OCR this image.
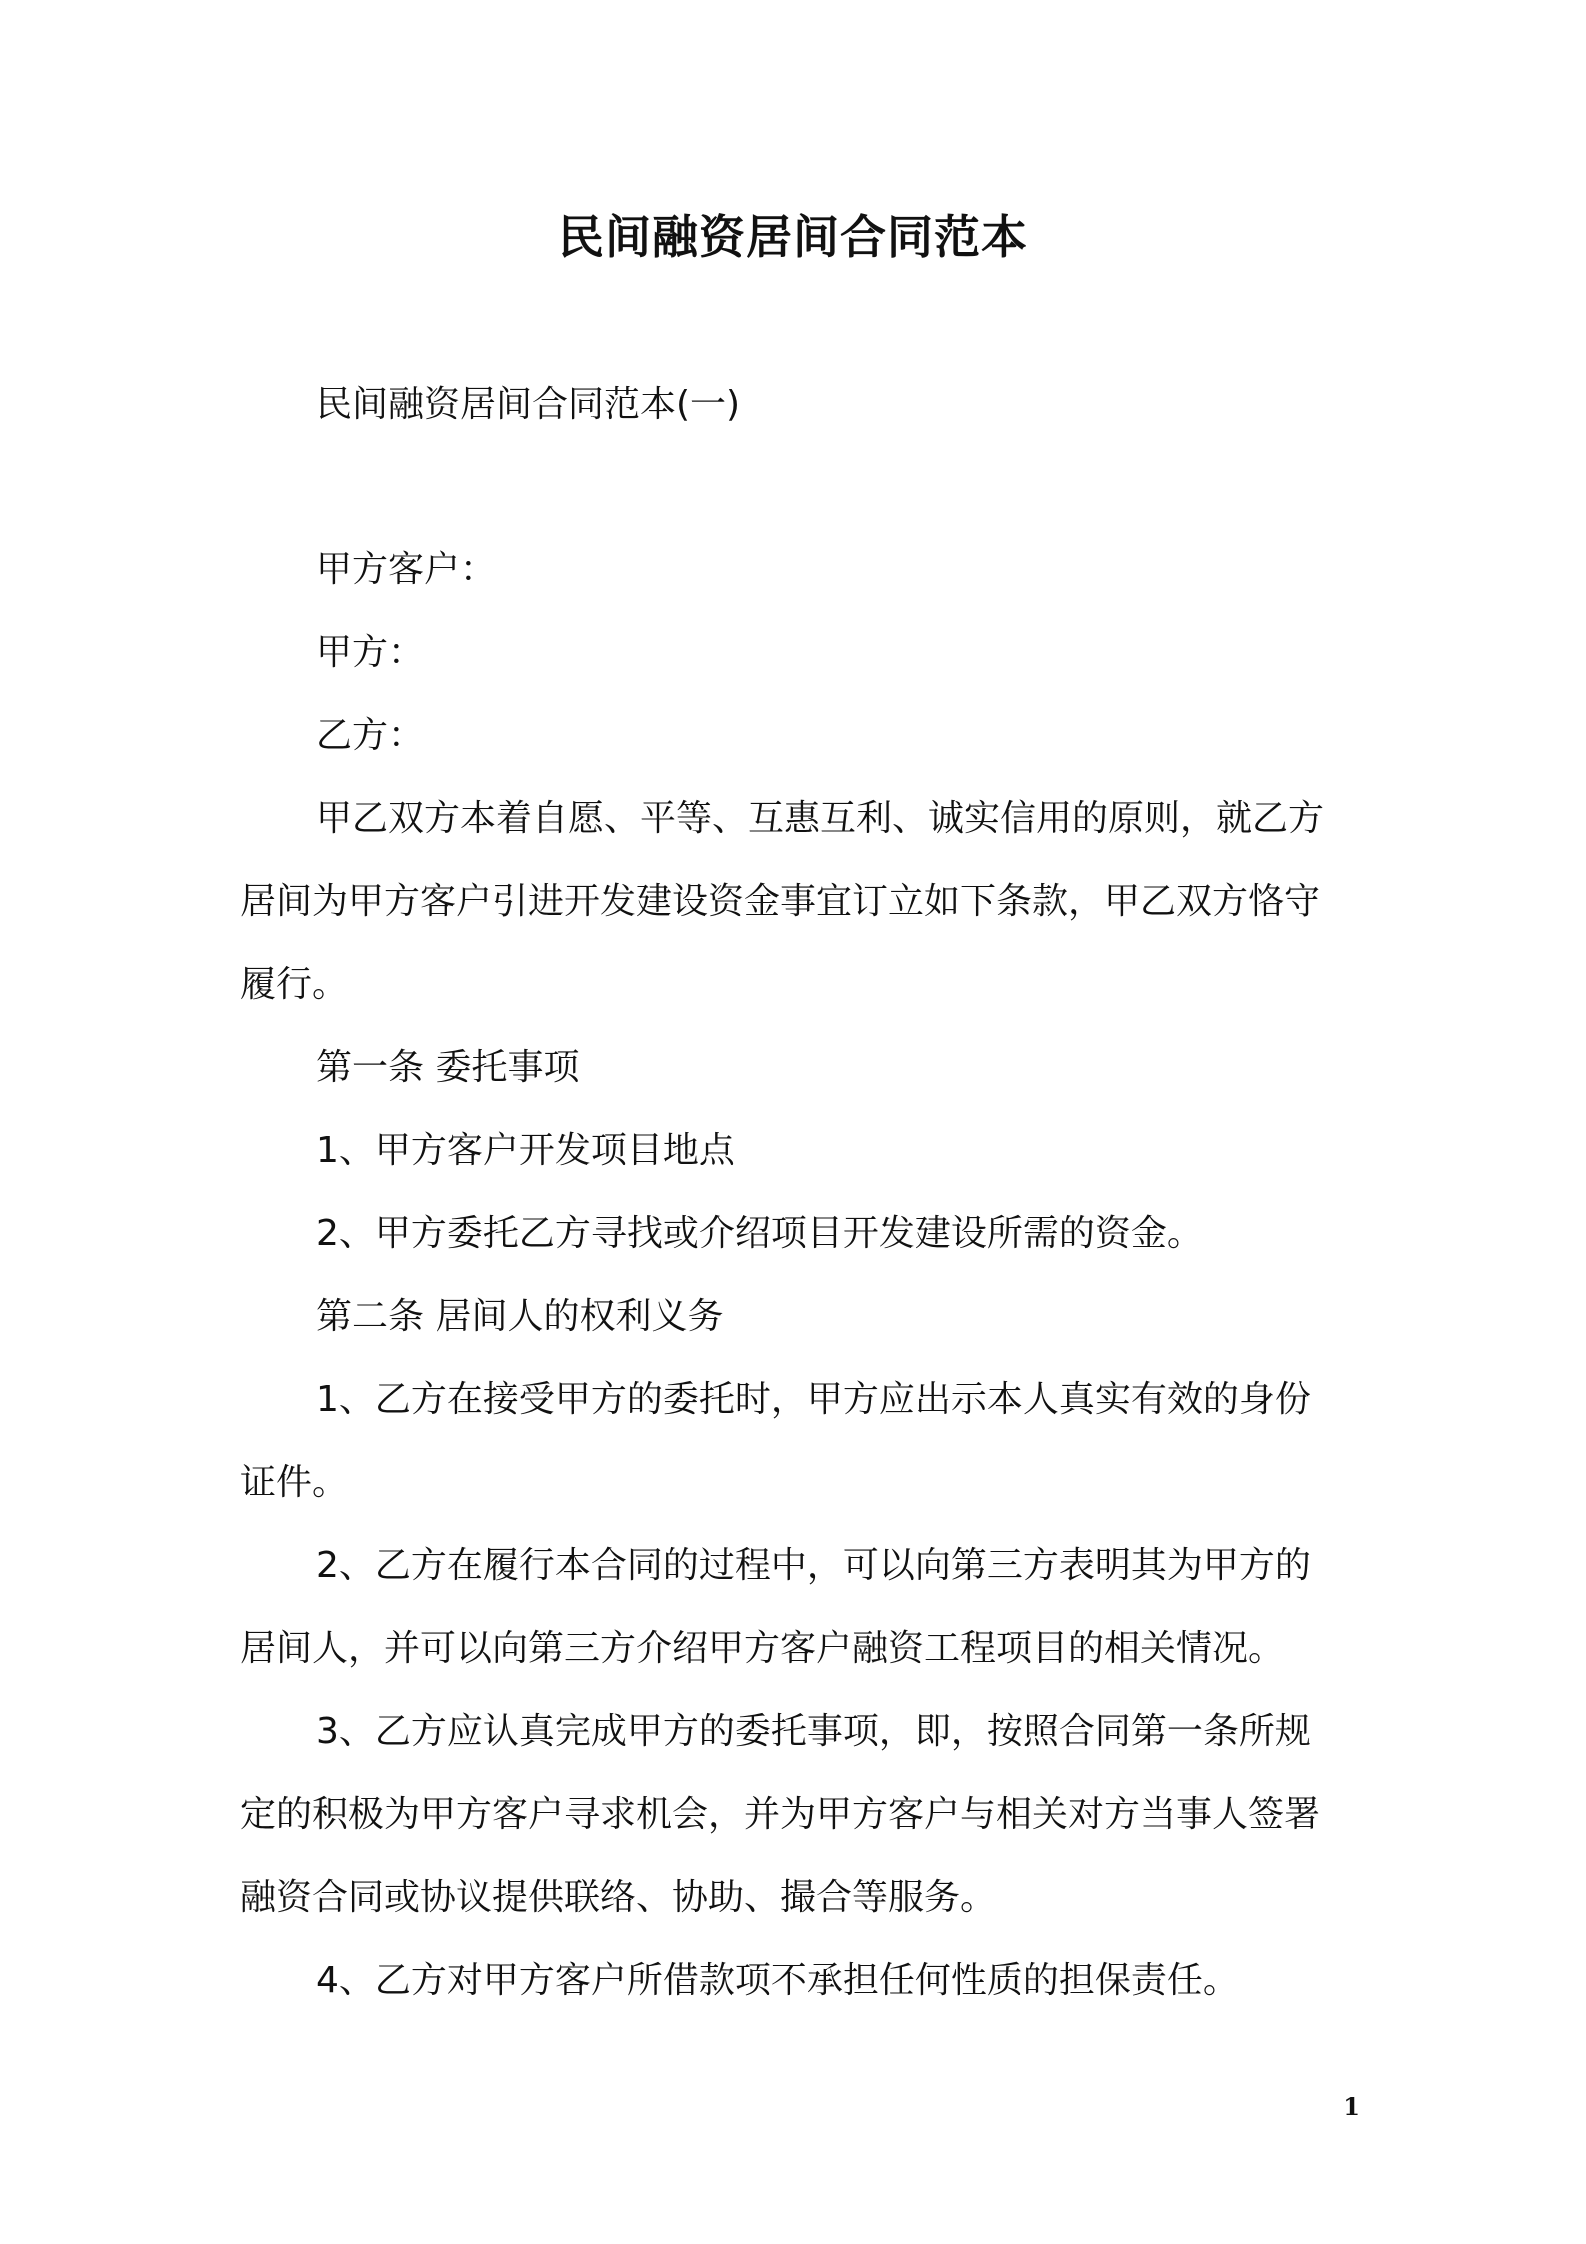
民间融资居间合同范本
民间融资居间合同范本(一)
甲方客户：
甲方：
乙方：
甲乙双方本着自愿、平等、互惠互利、诚实信用的原则，就乙方
居间为甲方客户引进开发建设资金事宜订立如下条款，甲乙双方恪守
履行。
第一条 委托事项
1、甲方客户开发项目地点
2、甲方委托乙方寻找或介绍项目开发建设所需的资金。
第二条 居间人的权利义务
1、乙方在接受甲方的委托时，甲方应出示本人真实有效的身份
证件。
2、乙方在履行本合同的过程中，可以向第三方表明其为甲方的
居间人，并可以向第三方介绍甲方客户融资工程项目的相关情况。
3、乙方应认真完成甲方的委托事项，即，按照合同第一条所规
定的积极为甲方客户寻求机会，并为甲方客户与相关对方当事人签署
融资合同或协议提供联络、协助、撮合等服务。
4、乙方对甲方客户所借款项不承担任何性质的担保责任。
1
